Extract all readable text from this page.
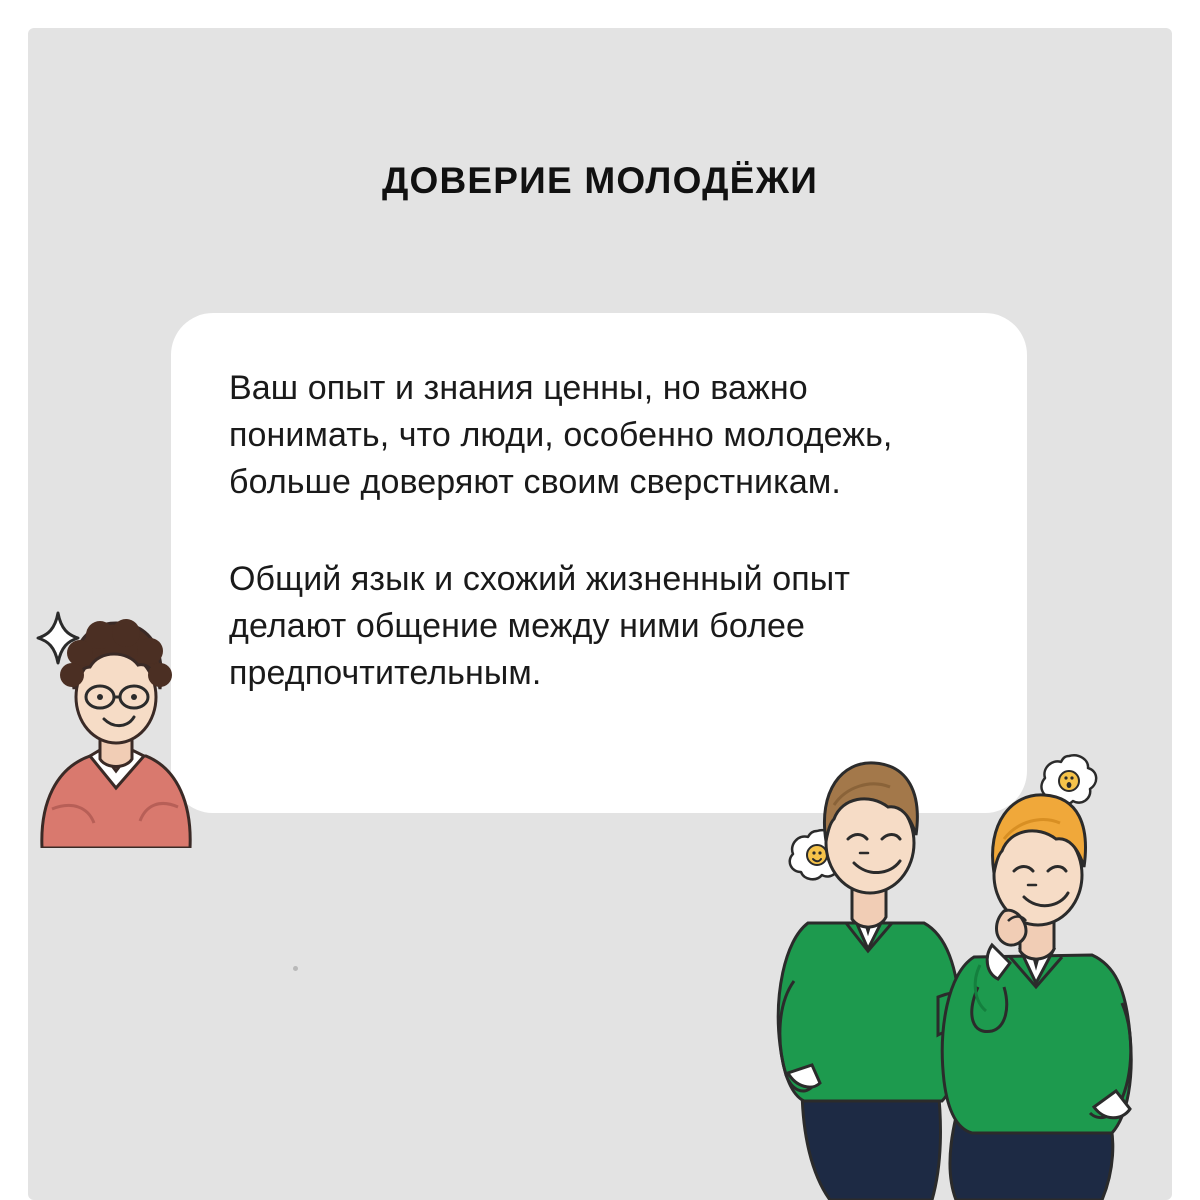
ДОВЕРИЕ МОЛОДЁЖИ

Ваш опыт и знания ценны, но важно понимать, что люди, особенно молодежь, больше доверяют своим сверстникам.

Общий язык и схожий жизненный опыт делают общение между ними более предпочтительным.
